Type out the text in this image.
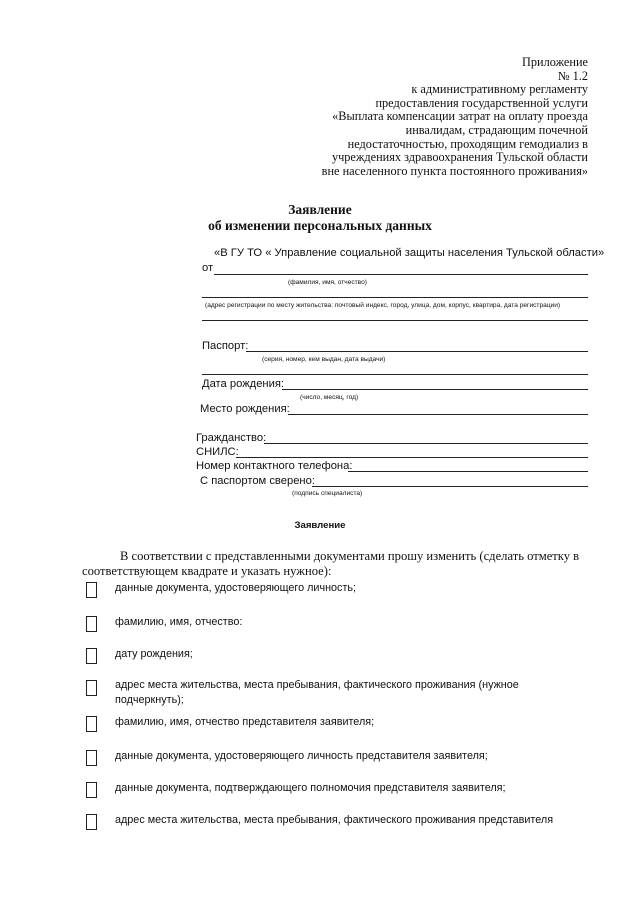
Приложение
№ 1.2
к административному регламенту
предоставления государственной услуги
«Выплата компенсации затрат на оплату проезда
инвалидам, страдающим почечной
недостаточностью, проходящим гемодиализ в
учреждениях здравоохранения Тульской области
вне населенного пункта постоянного проживания»
Заявление
об изменении персональных данных
«В ГУ ТО « Управление социальной защиты населения Тульской области»
от
(фамилия, имя, отчество)
(адрес регистрации по месту жительства: почтовый индекс, город, улица, дом, корпус, квартира, дата регистрации)
Паспорт:
(серия, номер, кем выдан, дата выдачи)
Дата рождения:
(число, месяц, год)
Место рождения:
Гражданство:
СНИЛС:
Номер контактного телефона:
С паспортом сверено:
(подпись специалиста)
Заявление
В соответствии с представленными документами прошу изменить (сделать отметку в соответствующем квадрате и указать нужное):
данные документа, удостоверяющего личность;
фамилию, имя, отчество:
дату рождения;
адрес места жительства, места пребывания, фактического проживания (нужное подчеркнуть);
фамилию, имя, отчество представителя заявителя;
данные документа, удостоверяющего личность представителя заявителя;
данные документа, подтверждающего полномочия представителя заявителя;
адрес места жительства, места пребывания, фактического проживания представителя
